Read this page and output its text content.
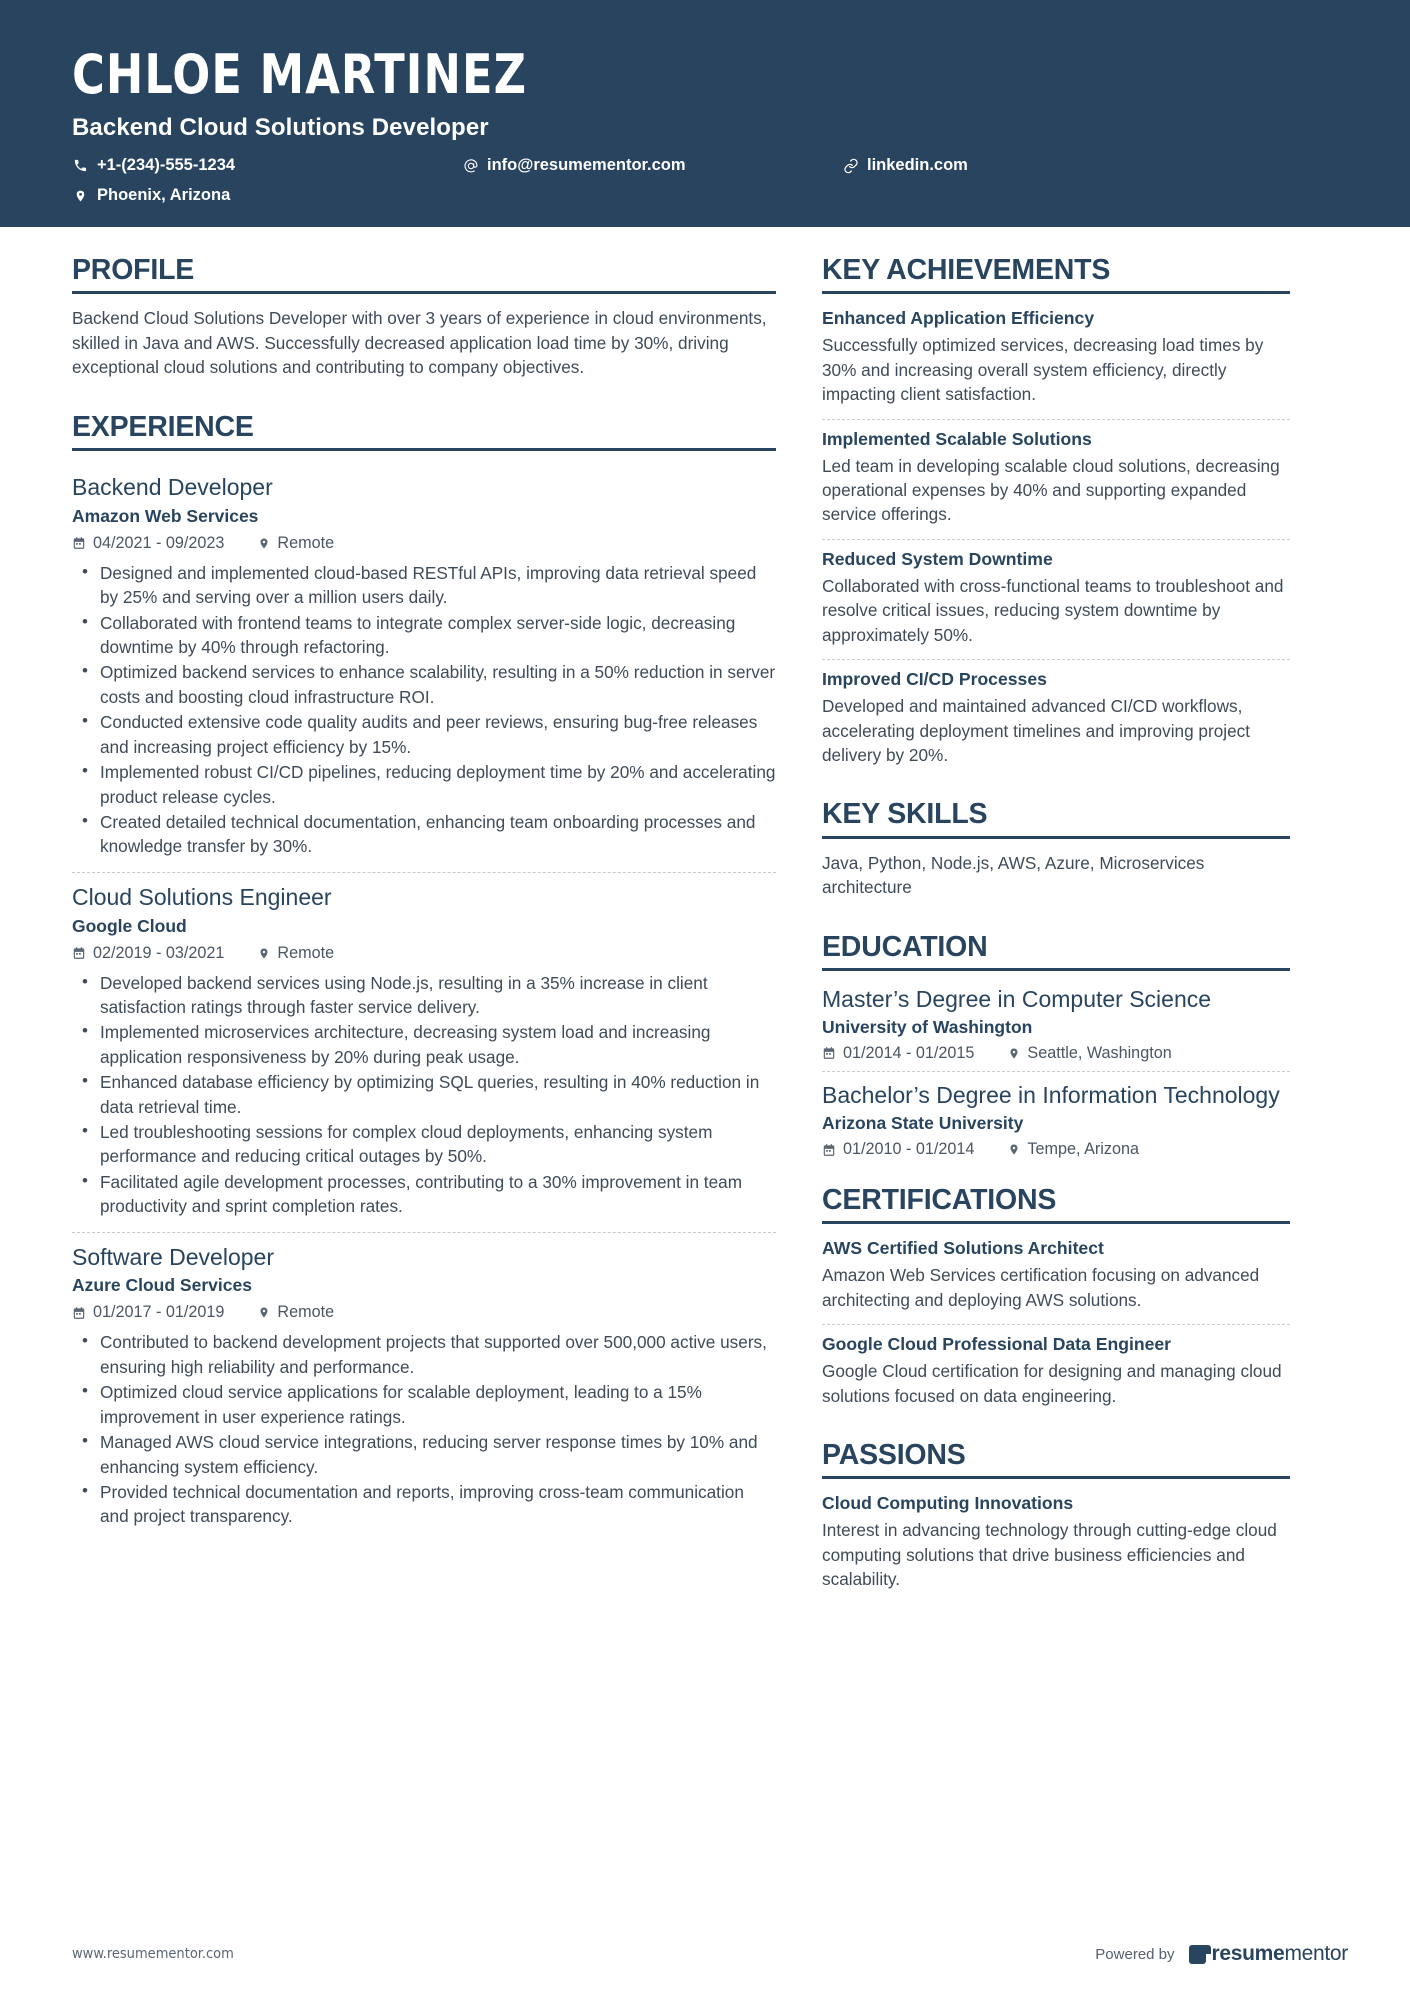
CHLOE MARTINEZ
Backend Cloud Solutions Developer
+1-(234)-555-1234
Phoenix, Arizona
info@resumementor.com	linkedin.com
PROFILE

Backend Cloud Solutions Developer with over 3 years of experience in cloud environments, skilled in Java and AWS. Successfully decreased application load time by 30%, driving exceptional cloud solutions and contributing to company objectives.

EXPERIENCE
Backend Developer
Amazon Web Services
04/2021 - 09/2023	Remote
• Designed and implemented cloud-based RESTful APIs, improving data retrieval speed by 25% and serving over a million users daily.
• Collaborated with frontend teams to integrate complex server-side logic, decreasing downtime by 40% through refactoring.
• Optimized backend services to enhance scalability, resulting in a 50% reduction in server costs and boosting cloud infrastructure ROI.
• Conducted extensive code quality audits and peer reviews, ensuring bug-free releases and increasing project efficiency by 15%.
• Implemented robust CI/CD pipelines, reducing deployment time by 20% and accelerating product release cycles.
• Created detailed technical documentation, enhancing team onboarding processes and knowledge transfer by 30%.
Cloud Solutions Engineer
Google Cloud
02/2019 - 03/2021	Remote
• Developed backend services using Node.js, resulting in a 35% increase in client satisfaction ratings through faster service delivery.
• Implemented microservices architecture, decreasing system load and increasing application responsiveness by 20% during peak usage.
• Enhanced database efficiency by optimizing SQL queries, resulting in 40% reduction in data retrieval time.
• Led troubleshooting sessions for complex cloud deployments, enhancing system performance and reducing critical outages by 50%.
• Facilitated agile development processes, contributing to a 30% improvement in team productivity and sprint completion rates.
Software Developer
Azure Cloud Services
01/2017 - 01/2019	Remote
• Contributed to backend development projects that supported over 500,000 active users, ensuring high reliability and performance.
• Optimized cloud service applications for scalable deployment, leading to a 15% improvement in user experience ratings.
• Managed AWS cloud service integrations, reducing server response times by 10% and enhancing system efficiency.
• Provided technical documentation and reports, improving cross-team communication and project transparency.
KEY ACHIEVEMENTS
Enhanced Application Efficiency
Successfully optimized services, decreasing load times by 30% and increasing overall system efficiency, directly impacting client satisfaction.
Implemented Scalable Solutions
Led team in developing scalable cloud solutions, decreasing operational expenses by 40% and supporting expanded service offerings.
Reduced System Downtime
Collaborated with cross-functional teams to troubleshoot and resolve critical issues, reducing system downtime by approximately 50%.
Improved CI/CD Processes
Developed and maintained advanced CI/CD workflows, accelerating deployment timelines and improving project delivery by 20%.
KEY SKILLS

Java, Python, Node.js, AWS, Azure, Microservices architecture

EDUCATION
Master’s Degree in Computer Science
University of Washington
01/2014 - 01/2015	Seattle, Washington
Bachelor’s Degree in Information Technology
Arizona State University
01/2010 - 01/2014	Tempe, Arizona
CERTIFICATIONS
AWS Certified Solutions Architect
Amazon Web Services certification focusing on advanced architecting and deploying AWS solutions.
Google Cloud Professional Data Engineer
Google Cloud certification for designing and managing cloud solutions focused on data engineering.
PASSIONS
Cloud Computing Innovations
Interest in advancing technology through cutting-edge cloud computing solutions that drive business efficiencies and scalability.
www.resumementor.com	Powered by resumementor
